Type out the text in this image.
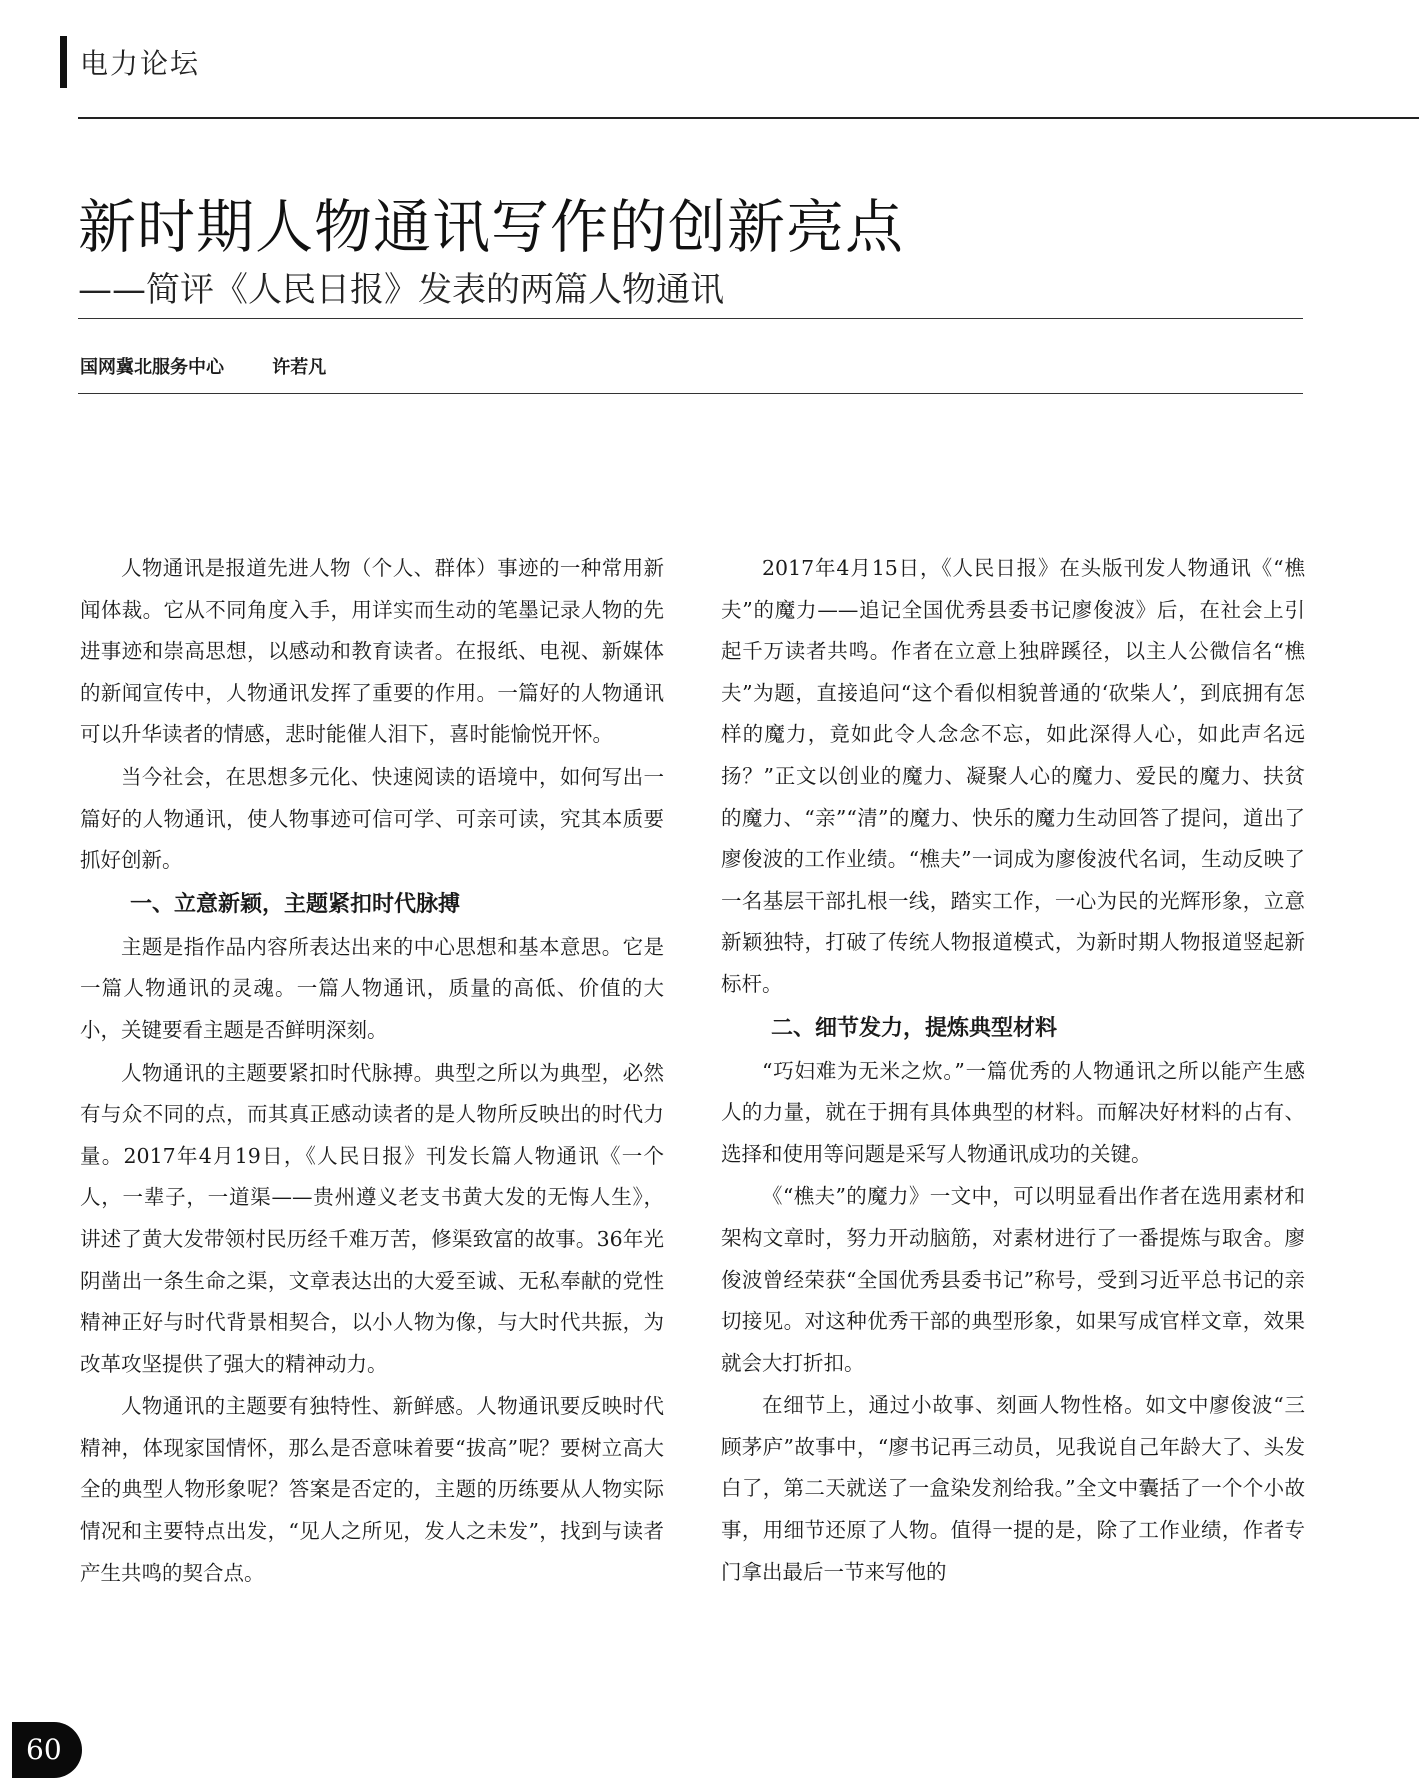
电力论坛
新时期人物通讯写作的创新亮点
——简评《人民日报》发表的两篇人物通讯
国网冀北服务中心	许若凡

人物通讯是报道先进人物（个人、群体）事迹的一种常用新闻体裁。它从不同角度入手，用详实而生动的笔墨记录人物的先进事迹和崇高思想，以感动和教育读者。在报纸、电视、新媒体的新闻宣传中，人物通讯发挥了重要的作用。一篇好的人物通讯可以升华读者的情感，悲时能催人泪下，喜时能愉悦开怀。

当今社会，在思想多元化、快速阅读的语境中，如何写出一篇好的人物通讯，使人物事迹可信可学、可亲可读，究其本质要抓好创新。

一、立意新颖，主题紧扣时代脉搏

主题是指作品内容所表达出来的中心思想和基本意思。它是一篇人物通讯的灵魂。一篇人物通讯，质量的高低、价值的大小，关键要看主题是否鲜明深刻。

人物通讯的主题要紧扣时代脉搏。典型之所以为典型，必然有与众不同的点，而其真正感动读者的是人物所反映出的时代力量。2017年4月19日，《人民日报》刊发长篇人物通讯《一个人，一辈子，一道渠——贵州遵义老支书黄大发的无悔人生》，讲述了黄大发带领村民历经千难万苦，修渠致富的故事。36年光阴凿出一条生命之渠，文章表达出的大爱至诚、无私奉献的党性精神正好与时代背景相契合，以小人物为像，与大时代共振，为改革攻坚提供了强大的精神动力。

人物通讯的主题要有独特性、新鲜感。人物通讯要反映时代精神，体现家国情怀，那么是否意味着要“拔高”呢？要树立高大全的典型人物形象呢？答案是否定的，主题的历练要从人物实际情况和主要特点出发，“见人之所见，发人之未发”，找到与读者产生共鸣的契合点。

2017年4月15日，《人民日报》在头版刊发人物通讯《“樵夫”的魔力——追记全国优秀县委书记廖俊波》后，在社会上引起千万读者共鸣。作者在立意上独辟蹊径，以主人公微信名“樵夫”为题，直接追问“这个看似相貌普通的‘砍柴人’，到底拥有怎样的魔力，竟如此令人念念不忘，如此深得人心，如此声名远扬？”正文以创业的魔力、凝聚人心的魔力、爱民的魔力、扶贫的魔力、“亲”“清”的魔力、快乐的魔力生动回答了提问，道出了廖俊波的工作业绩。“樵夫”一词成为廖俊波代名词，生动反映了一名基层干部扎根一线，踏实工作，一心为民的光辉形象，立意新颖独特，打破了传统人物报道模式，为新时期人物报道竖起新标杆。

二、细节发力，提炼典型材料

“巧妇难为无米之炊。”一篇优秀的人物通讯之所以能产生感人的力量，就在于拥有具体典型的材料。而解决好材料的占有、选择和使用等问题是采写人物通讯成功的关键。

《“樵夫”的魔力》一文中，可以明显看出作者在选用素材和架构文章时，努力开动脑筋，对素材进行了一番提炼与取舍。廖俊波曾经荣获“全国优秀县委书记”称号，受到习近平总书记的亲切接见。对这种优秀干部的典型形象，如果写成官样文章，效果就会大打折扣。

在细节上，通过小故事、刻画人物性格。如文中廖俊波“三顾茅庐”故事中，“廖书记再三动员，见我说自己年龄大了、头发白了，第二天就送了一盒染发剂给我。”全文中囊括了一个个小故事，用细节还原了人物。值得一提的是，除了工作业绩，作者专门拿出最后一节来写他的

60
